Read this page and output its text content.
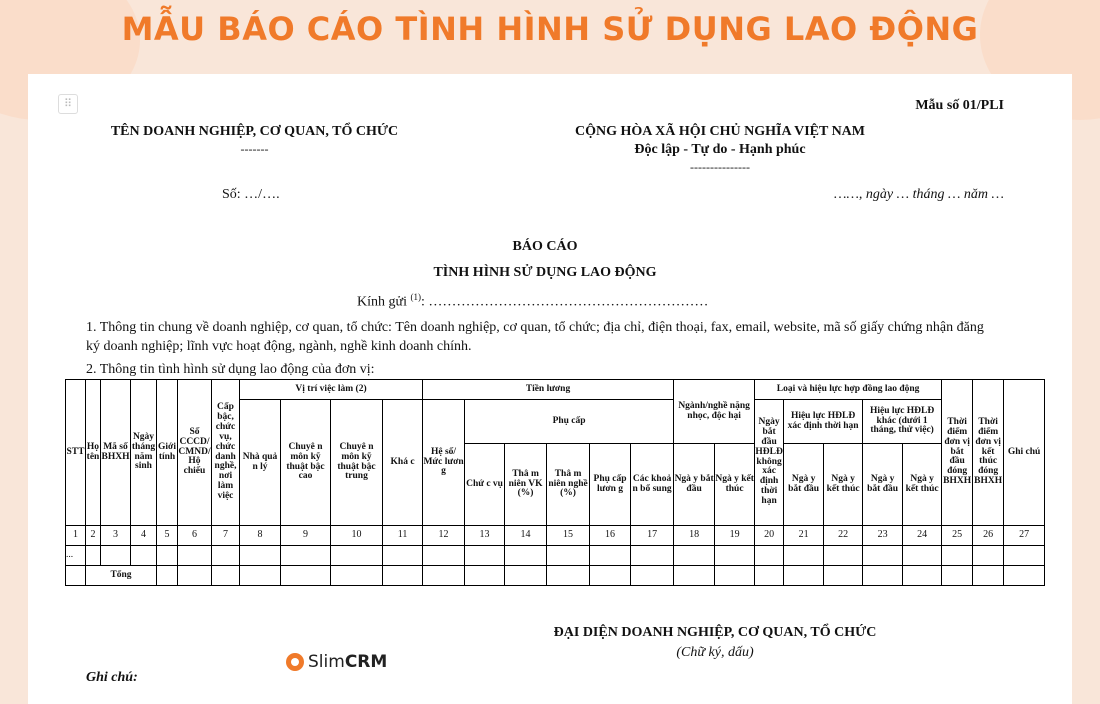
MẪU BÁO CÁO TÌNH HÌNH SỬ DỤNG LAO ĐỘNG
⠿	Mẫu số 01/PLI
TÊN DOANH NGHIỆP, CƠ QUAN, TỔ CHỨC
-------
CỘNG HÒA XÃ HỘI CHỦ NGHĨA VIỆT NAM
Độc lập - Tự do - Hạnh phúc
---------------
Số: …/….	……, ngày … tháng … năm …
BÁO CÁO
TÌNH HÌNH SỬ DỤNG LAO ĐỘNG
Kính gửi $^{(1)}$: ……………………………………………………
1. Thông tin chung về doanh nghiệp, cơ quan, tổ chức: Tên doanh nghiệp, cơ quan, tổ chức; địa chỉ, điện thoại, fax, email, website, mã số giấy chứng nhận đăng ký doanh nghiệp; lĩnh vực hoạt động, ngành, nghề kinh doanh chính.
2. Thông tin tình hình sử dụng lao động của đơn vị:
STT	Họ tên	Mã số BHXH	Ngày tháng năm sinh	Giới tính	Số CCCD/ CMND/ Hộ chiếu	Cấp bậc, chức vụ, chức danh nghề, nơi làm việc	Vị trí việc làm (2)				Tiền lương						Ngành/nghề nặng nhọc, độc hại		Loại và hiệu lực hợp đồng lao động					Thời điểm đơn vị bắt đầu đóng BHXH	Thời điểm đơn vị kết thúc đóng BHXH	Ghi chú
							Nhà quả n lý	Chuyê n môn kỹ thuật bậc cao	Chuyê n môn kỹ thuật bậc trung	Khá c	Hệ số/ Mức lươn g	Phụ cấp							Ngày bắt đầu HĐLĐ không xác định thời hạn	Hiệu lực HĐLĐ xác định thời hạn		Hiệu lực HĐLĐ khác (dưới 1 tháng, thử việc)				
												Chứ c vụ	Thâ m niên VK (%)	Thâ m niên nghề (%)	Phụ cấp lươn g	Các khoả n bổ sung	Ngà y bắt đầu	Ngà y kết thúc		Ngà y bắt đầu	Ngà y kết thúc	Ngà y bắt đầu	Ngà y kết thúc			
1	2	3	4	5	6	7	8	9	10	11	12	13	14	15	16	17	18	19	20	21	22	23	24	25	26	27
...																										
	Tổng																									
ĐẠI DIỆN DOANH NGHIỆP, CƠ QUAN, TỔ CHỨC
(Chữ ký, dấu)
Ghi chú:
Slim CRM
